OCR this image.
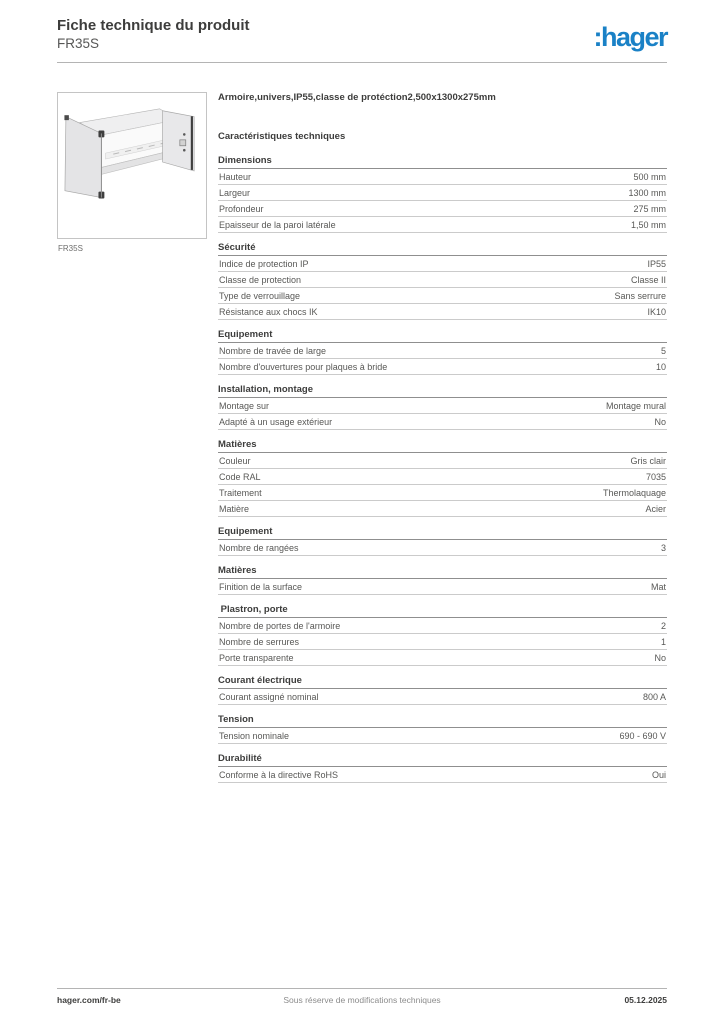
Fiche technique du produit
FR35S	:hager
FR35S
Armoire,univers,IP55,classe de protéction2,500x1300x275mm
Caractéristiques techniques
Dimensions
Hauteur	500 mm
Largeur	1300 mm
Profondeur	275 mm
Epaisseur de la paroi latérale	1,50 mm
Sécurité
Indice de protection IP	IP55
Classe de protection	Classe II
Type de verrouillage	Sans serrure
Résistance aux chocs IK	IK10
Equipement
Nombre de travée de large	5
Nombre d'ouvertures pour plaques à bride	10
Installation, montage
Montage sur	Montage mural
Adapté à un usage extérieur	No
Matières
Couleur	Gris clair
Code RAL	7035
Traitement	Thermolaquage
Matière	Acier
Equipement
Nombre de rangées	3
Matières
Finition de la surface	Mat
Plastron, porte
Nombre de portes de l'armoire	2
Nombre de serrures	1
Porte transparente	No
Courant électrique
Courant assigné nominal	800 A
Tension
Tension nominale	690 - 690 V
Durabilité
Conforme à la directive RoHS	Oui
hager.com/fr-be	Sous réserve de modifications techniques	05.12.2025
